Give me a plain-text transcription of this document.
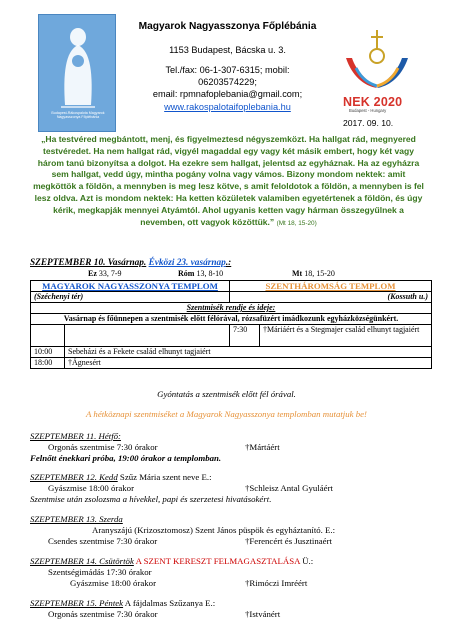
Budapest-Rákospalota Magyarok Nagyasszonya Főplébánia
Magyarok Nagyasszonya Főplébánia
1153 Budapest, Bácska u. 3.
Tel./fax: 06-1-307-6315; mobil:
06203574229;
email: rpmnafoplebania@gmail.com;
www.rakospalotaifoplebania.hu	NEK 2020
Budapest - Hungary
2017. 09. 10.
„Ha testvéred megbántott, menj, és figyelmeztesd négyszemközt. Ha hallgat rád, megnyered testvéredet. Ha nem hallgat rád, vigyél magaddal egy vagy két másik embert, hogy két vagy három tanú bizonyítsa a dolgot. Ha ezekre sem hallgat, jelentsd az egyháznak. Ha az egyházra sem hallgat, vedd úgy, mintha pogány volna vagy vámos. Bizony mondom nektek: amit megköttök a földön, a mennyben is meg lesz kötve, s amit feloldotok a földön, a mennyben is fel lesz oldva. Azt is mondom nektek: Ha ketten közületek valamiben egyetértenek a földön, és úgy kérik, megkapják mennyei Atyámtól. Ahol ugyanis ketten vagy hárman összegyűlnek a nevemben, ott vagyok közöttük.” (Mt 18, 15-20)
SZEPTEMBER 10. Vasárnap. Évközi 23. vasárnap.:
Ez 33, 7-9	Róm 13, 8-10	Mt 18, 15-20
MAGYAROK NAGYASSZONYA TEMPLOM		SZENTHÁROMSÁG TEMPLOM	
(Széchenyi tér)		(Kossuth u.)	
Szentmisék rendje és ideje:			
Vasárnap és főünnepen a szentmisék előtt félórával, rózsafüzért imádkozunk egyházközségünkért.			
		7:30	†Máriáért és a Stegmajer család elhunyt tagjaiért
10:00	Sebeházi és a Fekete család elhunyt tagjaiért		
18:00	†Ágnesért		
Gyóntatás a szentmisék előtt fél órával.
A hétköznapi szentmiséket a Magyarok Nagyasszonya templomban mutatjuk be!
SZEPTEMBER 11. Hétfő:
Orgonás szentmise 7:30 órakor	†Mártáért
Felnőtt énekkari próba, 19:00 órakor a templomban.
SZEPTEMBER 12. Kedd Szűz Mária szent neve E.:
Gyászmise 18:00 órakor	†Schleisz Antal Gyuláért
Szentmise után zsolozsma a hívekkel, papi és szerzetesi hivatásokért.
SZEPTEMBER 13. Szerda
Aranyszájú (Krizosztomosz) Szent János püspök és egyháztanító. E.:
Csendes szentmise 7:30 órakor	†Ferencért és Jusztinaért
SZEPTEMBER 14. Csütörtök A SZENT KERESZT FELMAGASZTALÁSA Ü.:
Szentségimádás 17:30 órakor
Gyászmise 18:00 órakor	†Rimóczi Imréért
SZEPTEMBER 15. Péntek A fájdalmas Szűzanya E.:
Orgonás szentmise 7:30 órakor	†Istvánért
